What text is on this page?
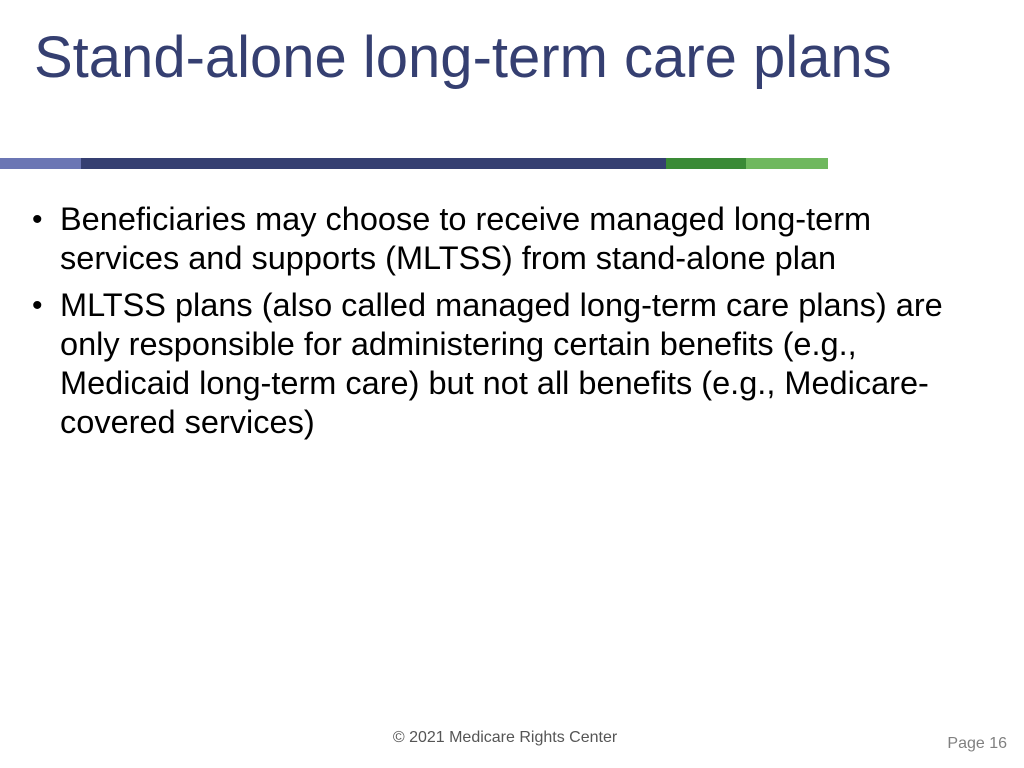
Stand-alone long-term care plans
• Beneficiaries may choose to receive managed long-term services and supports (MLTSS) from stand-alone plan
• MLTSS plans (also called managed long-term care plans) are only responsible for administering certain benefits (e.g., Medicaid long-term care) but not all benefits (e.g., Medicare-covered services)
© 2021 Medicare Rights Center	Page 16
